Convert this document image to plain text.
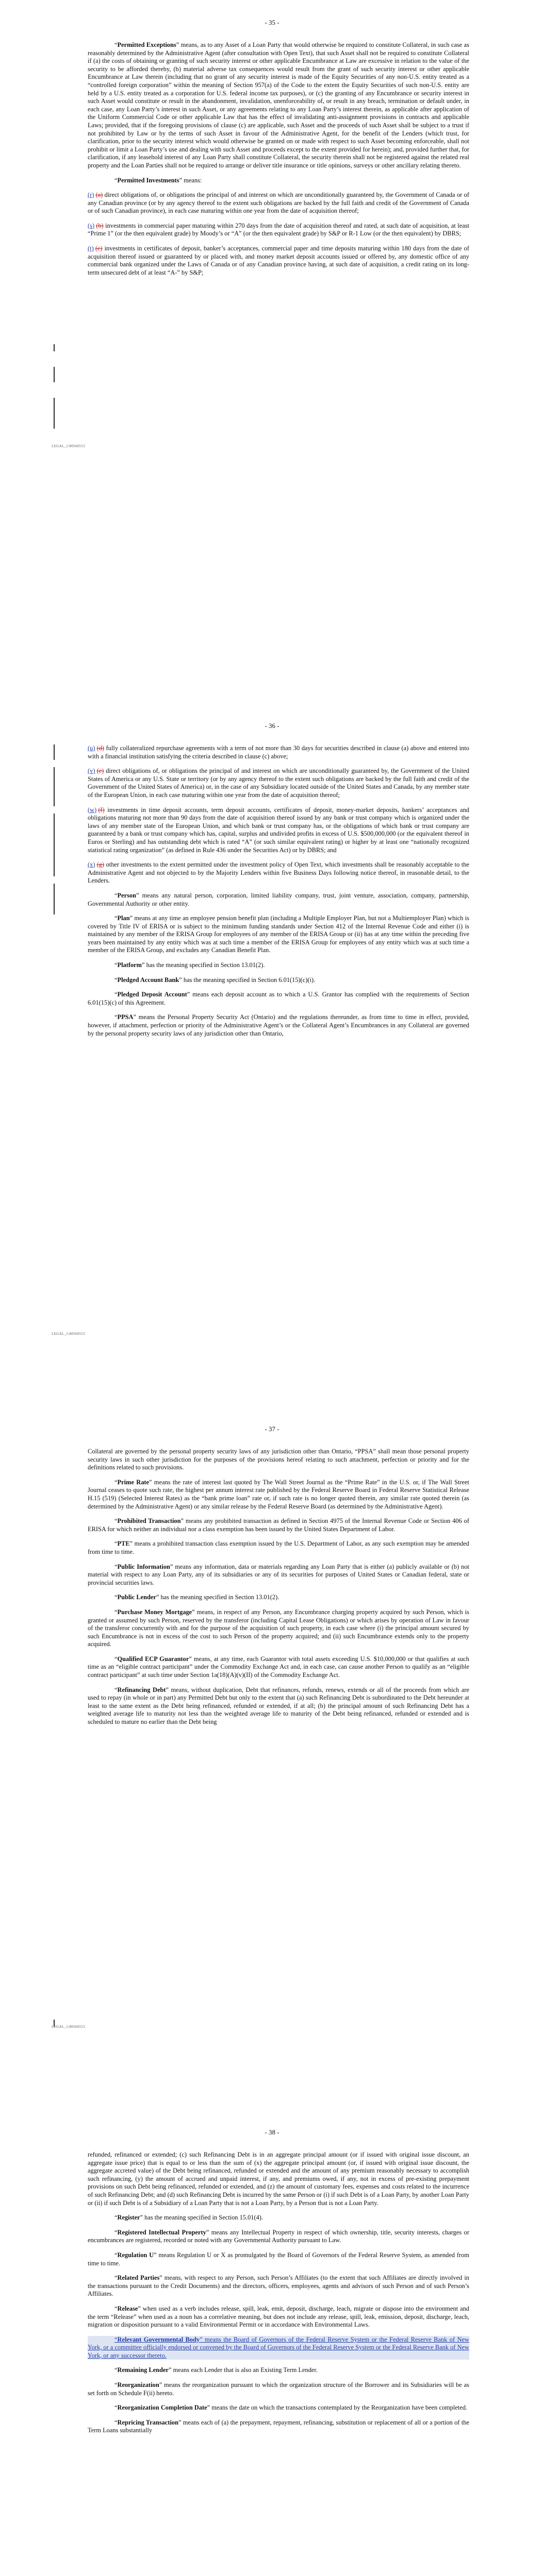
- 35 -

“Permitted Exceptions” means, as to any Asset of a Loan Party that would otherwise be required to constitute Collateral, in such case as reasonably determined by the Administrative Agent (after consultation with Open Text), that such Asset shall not be required to constitute Collateral if (a) the costs of obtaining or granting of such security interest or other applicable Encumbrance at Law are excessive in relation to the value of the security to be afforded thereby, (b) material adverse tax consequences would result from the grant of such security interest or other applicable Encumbrance at Law therein (including that no grant of any security interest is made of the Equity Securities of any non-U.S. entity treated as a “controlled foreign corporation” within the meaning of Section 957(a) of the Code to the extent the Equity Securities of such non-U.S. entity are held by a U.S. entity treated as a corporation for U.S. federal income tax purposes), or (c) the granting of any Encumbrance or security interest in such Asset would constitute or result in the abandonment, invalidation, unenforceability of, or result in any breach, termination or default under, in each case, any Loan Party’s interest in such Asset, or any agreements relating to any Loan Party’s interest therein, as applicable after application of the Uniform Commercial Code or other applicable Law that has the effect of invalidating anti-assignment provisions in contracts and applicable Laws; provided, that if the foregoing provisions of clause (c) are applicable, such Asset and the proceeds of such Asset shall be subject to a trust if not prohibited by Law or by the terms of such Asset in favour of the Administrative Agent, for the benefit of the Lenders (which trust, for clarification, prior to the security interest which would otherwise be granted on or made with respect to such Asset becoming enforceable, shall not prohibit or limit a Loan Party’s use and dealing with such Asset and proceeds except to the extent provided for herein); and, provided further that, for clarification, if any leasehold interest of any Loan Party shall constitute Collateral, the security therein shall not be registered against the related real property and the Loan Parties shall not be required to arrange or deliver title insurance or title opinions, surveys or other ancillary relating thereto.

“Permitted Investments” means:

(r) (a) direct obligations of, or obligations the principal of and interest on which are unconditionally guaranteed by, the Government of Canada or of any Canadian province (or by any agency thereof to the extent such obligations are backed by the full faith and credit of the Government of Canada or of such Canadian province), in each case maturing within one year from the date of acquisition thereof;

(s) (b) investments in commercial paper maturing within 270 days from the date of acquisition thereof and rated, at such date of acquisition, at least “Prime 1” (or the then equivalent grade) by Moody’s or “A” (or the then equivalent grade) by S&P or R-1 Low (or the then equivalent) by DBRS;

(t) (c) investments in certificates of deposit, banker’s acceptances, commercial paper and time deposits maturing within 180 days from the date of acquisition thereof issued or guaranteed by or placed with, and money market deposit accounts issued or offered by, any domestic office of any commercial bank organized under the Laws of Canada or of any Canadian province having, at such date of acquisition, a credit rating on its long-term unsecured debt of at least “A-” by S&P;

LEGAL_1:80560553
- 36 -

(u) (d) fully collateralized repurchase agreements with a term of not more than 30 days for securities described in clause (a) above and entered into with a financial institution satisfying the criteria described in clause (c) above;

(v) (e) direct obligations of, or obligations the principal of and interest on which are unconditionally guaranteed by, the Government of the United States of America or any U.S. State or territory (or by any agency thereof to the extent such obligations are backed by the full faith and credit of the Government of the United States of America) or, in the case of any Subsidiary located outside of the United States and Canada, by any member state of the European Union, in each case maturing within one year from the date of acquisition thereof;

(w) (f) investments in time deposit accounts, term deposit accounts, certificates of deposit, money-market deposits, bankers’ acceptances and obligations maturing not more than 90 days from the date of acquisition thereof issued by any bank or trust company which is organized under the laws of any member state of the European Union, and which bank or trust company has, or the obligations of which bank or trust company are guaranteed by a bank or trust company which has, capital, surplus and undivided profits in excess of U.S. $500,000,000 (or the equivalent thereof in Euros or Sterling) and has outstanding debt which is rated “A” (or such similar equivalent rating) or higher by at least one “nationally recognized statistical rating organization” (as defined in Rule 436 under the Securities Act) or by DBRS; and

(x) (g) other investments to the extent permitted under the investment policy of Open Text, which investments shall be reasonably acceptable to the Administrative Agent and not objected to by the Majority Lenders within five Business Days following notice thereof, in reasonable detail, to the Lenders.

“Person” means any natural person, corporation, limited liability company, trust, joint venture, association, company, partnership, Governmental Authority or other entity.

“Plan” means at any time an employee pension benefit plan (including a Multiple Employer Plan, but not a Multiemployer Plan) which is covered by Title IV of ERISA or is subject to the minimum funding standards under Section 412 of the Internal Revenue Code and either (i) is maintained by any member of the ERISA Group for employees of any member of the ERISA Group or (ii) has at any time within the preceding five years been maintained by any entity which was at such time a member of the ERISA Group for employees of any entity which was at such time a member of the ERISA Group, and excludes any Canadian Benefit Plan.

“Platform” has the meaning specified in Section 13.01(2).

“Pledged Account Bank” has the meaning specified in Section 6.01(15)(c)(i).

“Pledged Deposit Account” means each deposit account as to which a U.S. Grantor has complied with the requirements of Section 6.01(15)(c) of this Agreement.

“PPSA” means the Personal Property Security Act (Ontario) and the regulations thereunder, as from time to time in effect, provided, however, if attachment, perfection or priority of the Administrative Agent’s or the Collateral Agent’s Encumbrances in any Collateral are governed by the personal property security laws of any jurisdiction other than Ontario,

LEGAL_1:80560553
- 37 -

Collateral are governed by the personal property security laws of any jurisdiction other than Ontario, “PPSA” shall mean those personal property security laws in such other jurisdiction for the purposes of the provisions hereof relating to such attachment, perfection or priority and for the definitions related to such provisions.

“Prime Rate” means the rate of interest last quoted by The Wall Street Journal as the “Prime Rate” in the U.S. or, if The Wall Street Journal ceases to quote such rate, the highest per annum interest rate published by the Federal Reserve Board in Federal Reserve Statistical Release H.15 (519) (Selected Interest Rates) as the “bank prime loan” rate or, if such rate is no longer quoted therein, any similar rate quoted therein (as determined by the Administrative Agent) or any similar release by the Federal Reserve Board (as determined by the Administrative Agent).

“Prohibited Transaction” means any prohibited transaction as defined in Section 4975 of the Internal Revenue Code or Section 406 of ERISA for which neither an individual nor a class exemption has been issued by the United States Department of Labor.

“PTE” means a prohibited transaction class exemption issued by the U.S. Department of Labor, as any such exemption may be amended from time to time.

“Public Information” means any information, data or materials regarding any Loan Party that is either (a) publicly available or (b) not material with respect to any Loan Party, any of its subsidiaries or any of its securities for purposes of United States or Canadian federal, state or provincial securities laws.

“Public Lender” has the meaning specified in Section 13.01(2).

“Purchase Money Mortgage” means, in respect of any Person, any Encumbrance charging property acquired by such Person, which is granted or assumed by such Person, reserved by the transferor (including Capital Lease Obligations) or which arises by operation of Law in favour of the transferor concurrently with and for the purpose of the acquisition of such property, in each case where (i) the principal amount secured by such Encumbrance is not in excess of the cost to such Person of the property acquired; and (ii) such Encumbrance extends only to the property acquired.

“Qualified ECP Guarantor” means, at any time, each Guarantor with total assets exceeding U.S. $10,000,000 or that qualifies at such time as an “eligible contract participant” under the Commodity Exchange Act and, in each case, can cause another Person to qualify as an “eligible contract participant” at such time under Section 1a(18)(A)(v)(II) of the Commodity Exchange Act.

“Refinancing Debt” means, without duplication, Debt that refinances, refunds, renews, extends or all of the proceeds from which are used to repay (in whole or in part) any Permitted Debt but only to the extent that (a) such Refinancing Debt is subordinated to the Debt hereunder at least to the same extent as the Debt being refinanced, refunded or extended, if at all; (b) the principal amount of such Refinancing Debt has a weighted average life to maturity not less than the weighted average life to maturity of the Debt being refinanced, refunded or extended and is scheduled to mature no earlier than the Debt being

LEGAL_1:80560553
- 38 -

refunded, refinanced or extended; (c) such Refinancing Debt is in an aggregate principal amount (or if issued with original issue discount, an aggregate issue price) that is equal to or less than the sum of (x) the aggregate principal amount (or, if issued with original issue discount, the aggregate accreted value) of the Debt being refinanced, refunded or extended and the amount of any premium reasonably necessary to accomplish such refinancing, (y) the amount of accrued and unpaid interest, if any, and premiums owed, if any, not in excess of pre-existing prepayment provisions on such Debt being refinanced, refunded or extended, and (z) the amount of customary fees, expenses and costs related to the incurrence of such Refinancing Debt; and (d) such Refinancing Debt is incurred by the same Person or (i) if such Debt is of a Loan Party, by another Loan Party or (ii) if such Debt is of a Subsidiary of a Loan Party that is not a Loan Party, by a Person that is not a Loan Party.

“Register” has the meaning specified in Section 15.01(4).

“Registered Intellectual Property” means any Intellectual Property in respect of which ownership, title, security interests, charges or encumbrances are registered, recorded or noted with any Governmental Authority pursuant to Law.

“Regulation U” means Regulation U or X as promulgated by the Board of Governors of the Federal Reserve System, as amended from time to time.

“Related Parties” means, with respect to any Person, such Person’s Affiliates (to the extent that such Affiliates are directly involved in the transactions pursuant to the Credit Documents) and the directors, officers, employees, agents and advisors of such Person and of such Person’s Affiliates.

“Release” when used as a verb includes release, spill, leak, emit, deposit, discharge, leach, migrate or dispose into the environment and the term “Release” when used as a noun has a correlative meaning, but does not include any release, spill, leak, emission, deposit, discharge, leach, migration or disposition pursuant to a valid Environmental Permit or in accordance with Environmental Laws.

“Relevant Governmental Body” means the Board of Governors of the Federal Reserve System or the Federal Reserve Bank of New York, or a committee officially endorsed or convened by the Board of Governors of the Federal Reserve System or the Federal Reserve Bank of New York, or any successor thereto.

“Remaining Lender” means each Lender that is also an Existing Term Lender.

“Reorganization” means the reorganization pursuant to which the organization structure of the Borrower and its Subsidiaries will be as set forth on Schedule F(ii) hereto.

“Reorganization Completion Date” means the date on which the transactions contemplated by the Reorganization have been completed.

“Repricing Transaction” means each of (a) the prepayment, repayment, refinancing, substitution or replacement of all or a portion of the Term Loans substantially
